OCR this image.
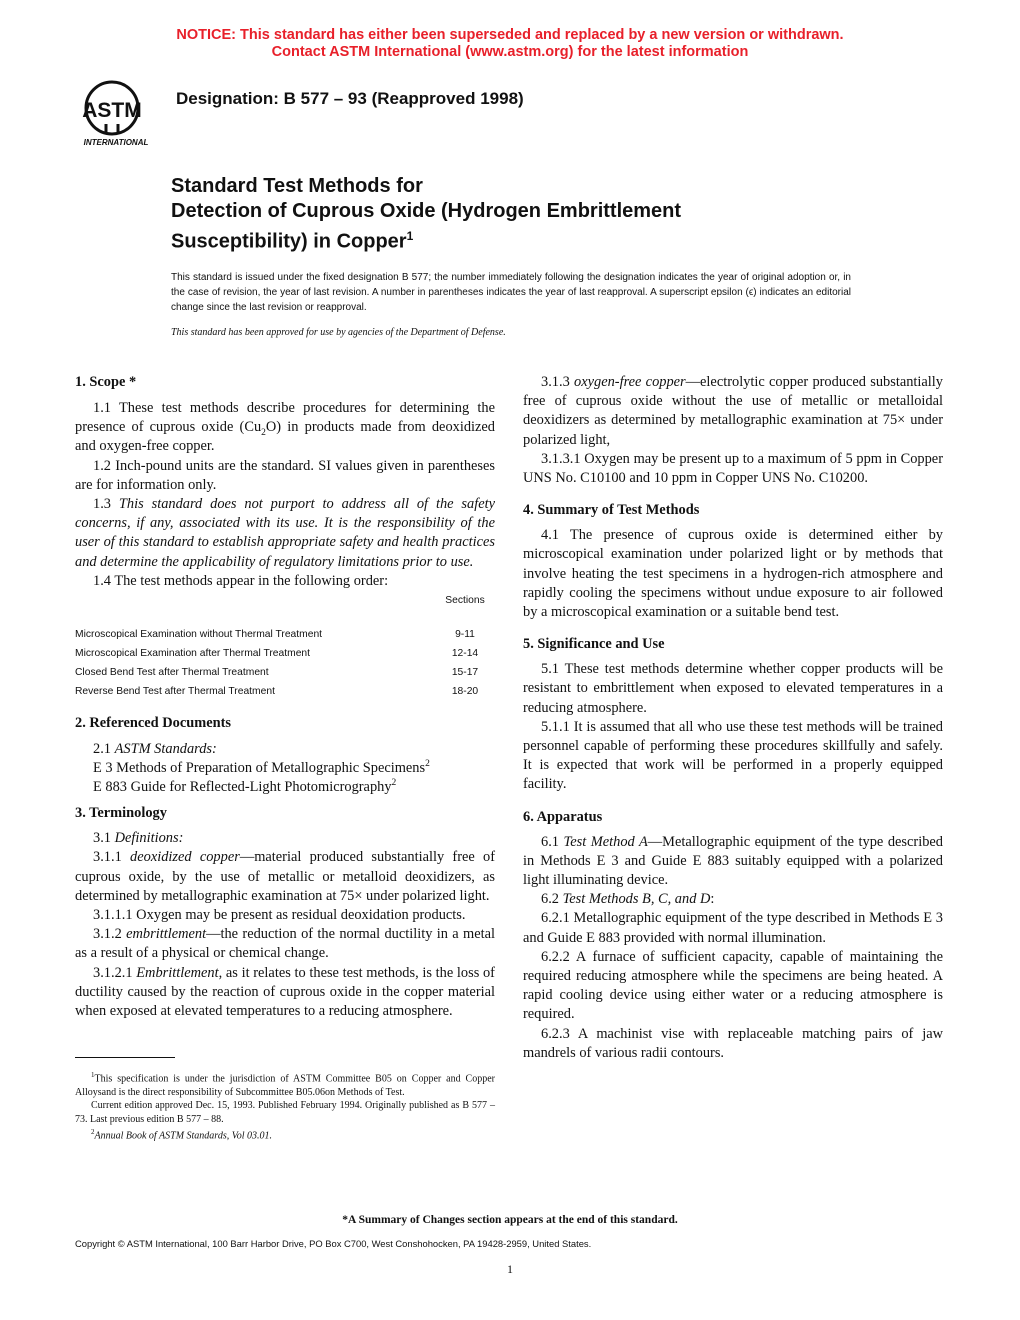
NOTICE: This standard has either been superseded and replaced by a new version or withdrawn.
Contact ASTM International (www.astm.org) for the latest information
ASTM
INTERNATIONAL
Designation: B 577 – 93 (Reapproved 1998)
Standard Test Methods for
Detection of Cuprous Oxide (Hydrogen Embrittlement
Susceptibility) in Copper$^1$
This standard is issued under the fixed designation B 577; the number immediately following the designation indicates the year of original adoption or, in the case of revision, the year of last revision. A number in parentheses indicates the year of last reapproval. A superscript epsilon (ϵ) indicates an editorial change since the last revision or reapproval.
This standard has been approved for use by agencies of the Department of Defense.
1. Scope *

1.1 These test methods describe procedures for determining the presence of cuprous oxide $(Cu_2O)$ in products made from deoxidized and oxygen-free copper.

1.2 Inch-pound units are the standard. SI values given in parentheses are for information only.

1.3 This standard does not purport to address all of the safety concerns, if any, associated with its use. It is the responsibility of the user of this standard to establish appropriate safety and health practices and determine the applicability of regulatory limitations prior to use.

1.4 The test methods appear in the following order:

	Sections

Microscopical Examination without Thermal Treatment	9-11
Microscopical Examination after Thermal Treatment	12-14
Closed Bend Test after Thermal Treatment	15-17
Reverse Bend Test after Thermal Treatment	18-20
2. Referenced Documents

2.1 ASTM Standards:

E 3 Methods of Preparation of Metallographic Specimens$^2$

E 883 Guide for Reflected-Light Photomicrography$^2$

3. Terminology

3.1 Definitions:

3.1.1 deoxidized copper—material produced substantially free of cuprous oxide, by the use of metallic or metalloid deoxidizers, as determined by metallographic examination at 75× under polarized light.

3.1.1.1 Oxygen may be present as residual deoxidation products.

3.1.2 embrittlement—the reduction of the normal ductility in a metal as a result of a physical or chemical change.

3.1.2.1 Embrittlement, as it relates to these test methods, is the loss of ductility caused by the reaction of cuprous oxide in the copper material when exposed at elevated temperatures to a reducing atmosphere.

3.1.3 oxygen-free copper—electrolytic copper produced substantially free of cuprous oxide without the use of metallic or metalloidal deoxidizers as determined by metallographic examination at 75× under polarized light,

3.1.3.1 Oxygen may be present up to a maximum of 5 ppm in Copper UNS No. C10100 and 10 ppm in Copper UNS No. C10200.

4. Summary of Test Methods

4.1 The presence of cuprous oxide is determined either by microscopical examination under polarized light or by methods that involve heating the test specimens in a hydrogen-rich atmosphere and rapidly cooling the specimens without undue exposure to air followed by a microscopical examination or a suitable bend test.

5. Significance and Use

5.1 These test methods determine whether copper products will be resistant to embrittlement when exposed to elevated temperatures in a reducing atmosphere.

5.1.1 It is assumed that all who use these test methods will be trained personnel capable of performing these procedures skillfully and safely. It is expected that work will be performed in a properly equipped facility.

6. Apparatus

6.1 Test Method A—Metallographic equipment of the type described in Methods E 3 and Guide E 883 suitably equipped with a polarized light illuminating device.

6.2 Test Methods B, C, and D:

6.2.1 Metallographic equipment of the type described in Methods E 3 and Guide E 883 provided with normal illumination.

6.2.2 A furnace of sufficient capacity, capable of maintaining the required reducing atmosphere while the specimens are being heated. A rapid cooling device using either water or a reducing atmosphere is required.

6.2.3 A machinist vise with replaceable matching pairs of jaw mandrels of various radii contours.

$^1$This specification is under the jurisdiction of ASTM Committee B05 on Copper and Copper Alloysand is the direct responsibility of Subcommittee B05.06on Methods of Test.

Current edition approved Dec. 15, 1993. Published February 1994. Originally published as B 577 – 73. Last previous edition B 577 – 88.

$^2$Annual Book of ASTM Standards, Vol 03.01.

*A Summary of Changes section appears at the end of this standard.
Copyright © ASTM International, 100 Barr Harbor Drive, PO Box C700, West Conshohocken, PA 19428-2959, United States.
1
